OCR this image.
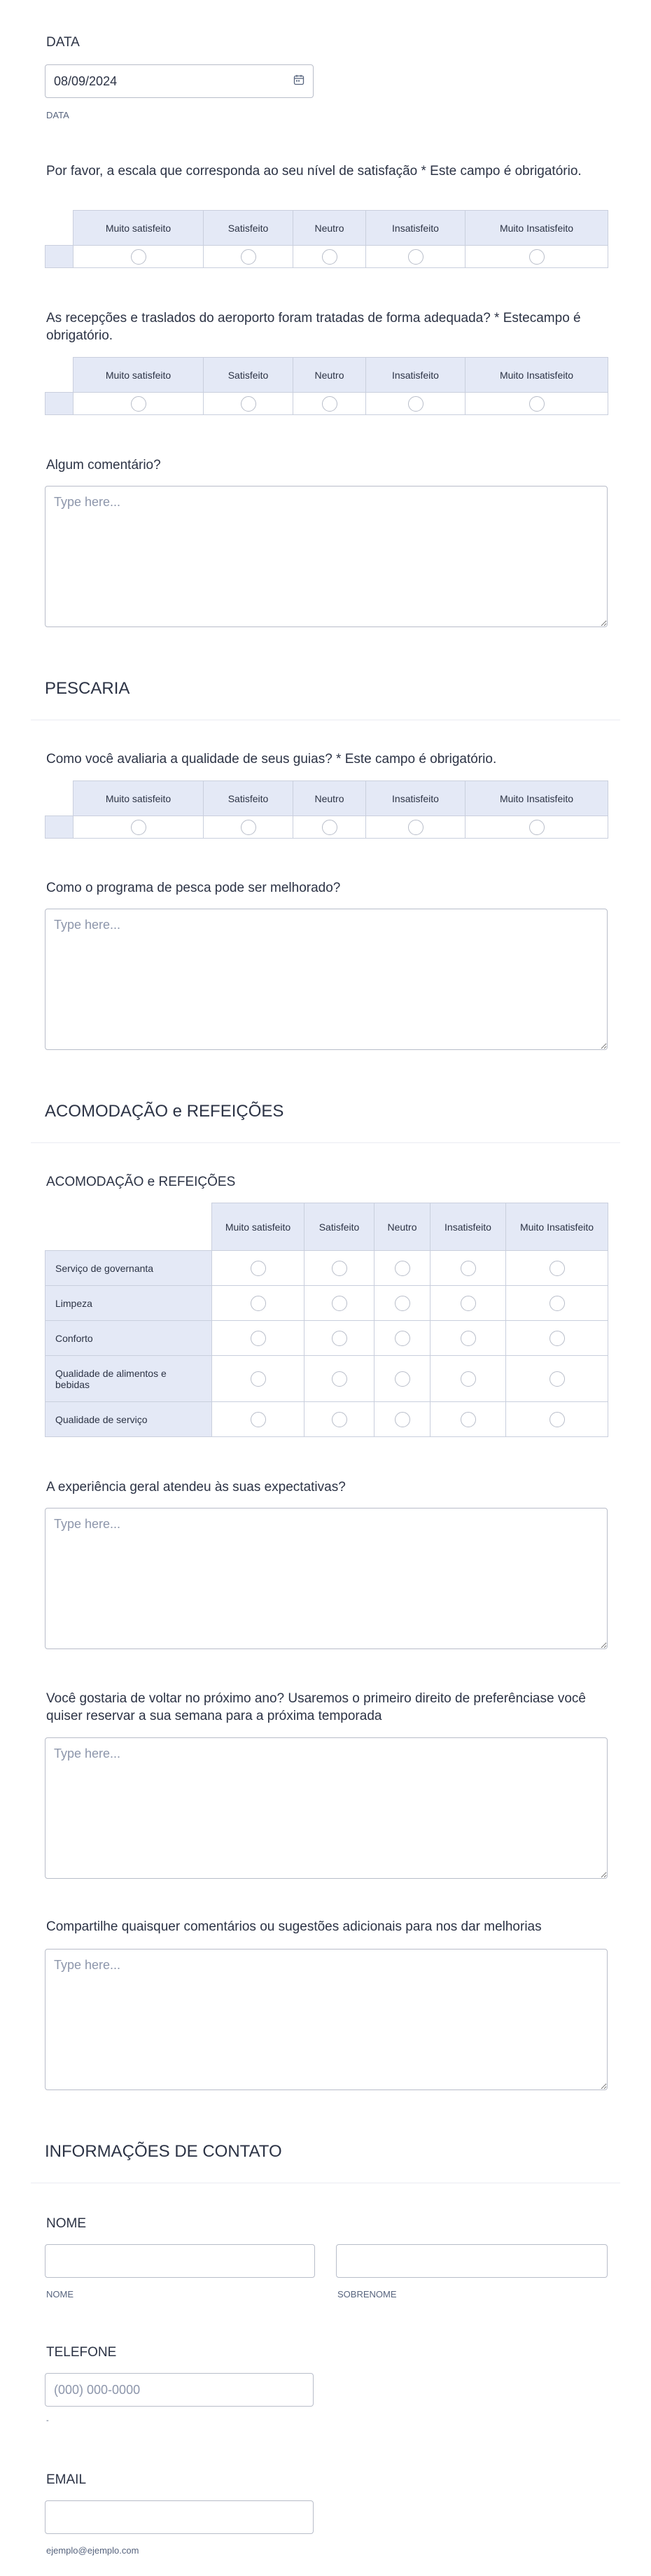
DATA
08/09/2024
DATA
Por favor, a escala que corresponda ao seu nível de satisfação * Este campo é obrigatório.
	Muito satisfeito	Satisfeito	Neutro	Insatisfeito	Muito Insatisfeito

As recepções e traslados do aeroporto foram tratadas de forma adequada? * Estecampo é obrigatório.
	Muito satisfeito	Satisfeito	Neutro	Insatisfeito	Muito Insatisfeito

Algum comentário?
Type here...
PESCARIA
Como você avaliaria a qualidade de seus guias? * Este campo é obrigatório.
	Muito satisfeito	Satisfeito	Neutro	Insatisfeito	Muito Insatisfeito

Como o programa de pesca pode ser melhorado?
Type here...
ACOMODAÇÃO e REFEIÇÕES
ACOMODAÇÃO e REFEIÇÕES
	Muito satisfeito	Satisfeito	Neutro	Insatisfeito	Muito Insatisfeito
Serviço de governanta					
Limpeza					
Conforto					
Qualidade de alimentos e bebidas					
Qualidade de serviço					
A experiência geral atendeu às suas expectativas?
Type here...
Você gostaria de voltar no próximo ano? Usaremos o primeiro direito de preferênciase você quiser reservar a sua semana para a próxima temporada
Type here...
Compartilhe quaisquer comentários ou sugestões adicionais para nos dar melhorias
Type here...
INFORMAÇÕES DE CONTATO
NOME
NOME	SOBRENOME
TELEFONE
(000) 000-0000
-
EMAIL
ejemplo@ejemplo.com
